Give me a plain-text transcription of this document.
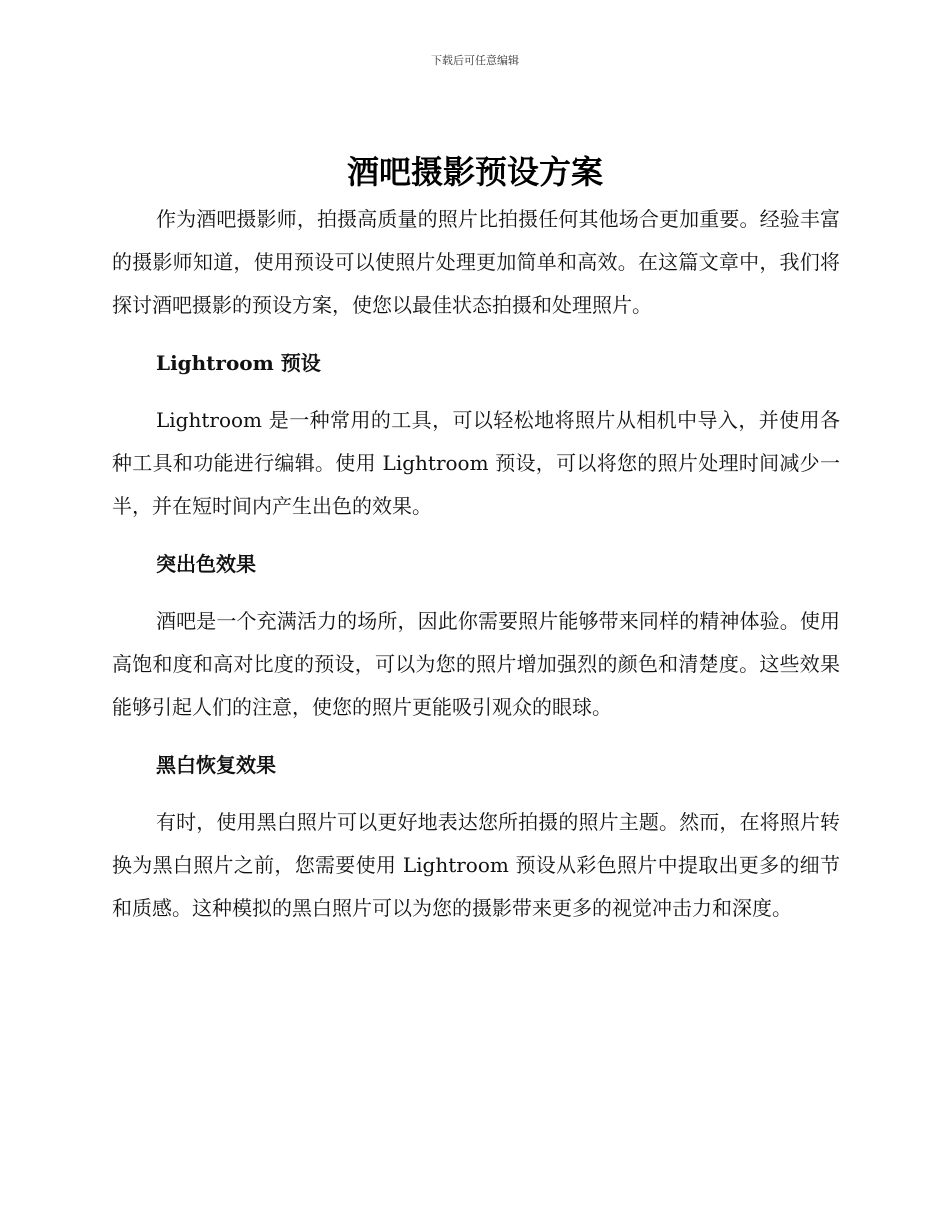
下载后可任意编辑
酒吧摄影预设方案

作为酒吧摄影师，拍摄高质量的照片比拍摄任何其他场合更加重要。经验丰富的摄影师知道，使用预设可以使照片处理更加简单和高效。在这篇文章中，我们将探讨酒吧摄影的预设方案，使您以最佳状态拍摄和处理照片。

Lightroom 预设

Lightroom 是一种常用的工具，可以轻松地将照片从相机中导入，并使用各种工具和功能进行编辑。使用 Lightroom 预设，可以将您的照片处理时间减少一半，并在短时间内产生出色的效果。

突出色效果

酒吧是一个充满活力的场所，因此你需要照片能够带来同样的精神体验。使用高饱和度和高对比度的预设，可以为您的照片增加强烈的颜色和清楚度。这些效果能够引起人们的注意，使您的照片更能吸引观众的眼球。

黑白恢复效果

有时，使用黑白照片可以更好地表达您所拍摄的照片主题。然而，在将照片转换为黑白照片之前，您需要使用 Lightroom 预设从彩色照片中提取出更多的细节和质感。这种模拟的黑白照片可以为您的摄影带来更多的视觉冲击力和深度。
